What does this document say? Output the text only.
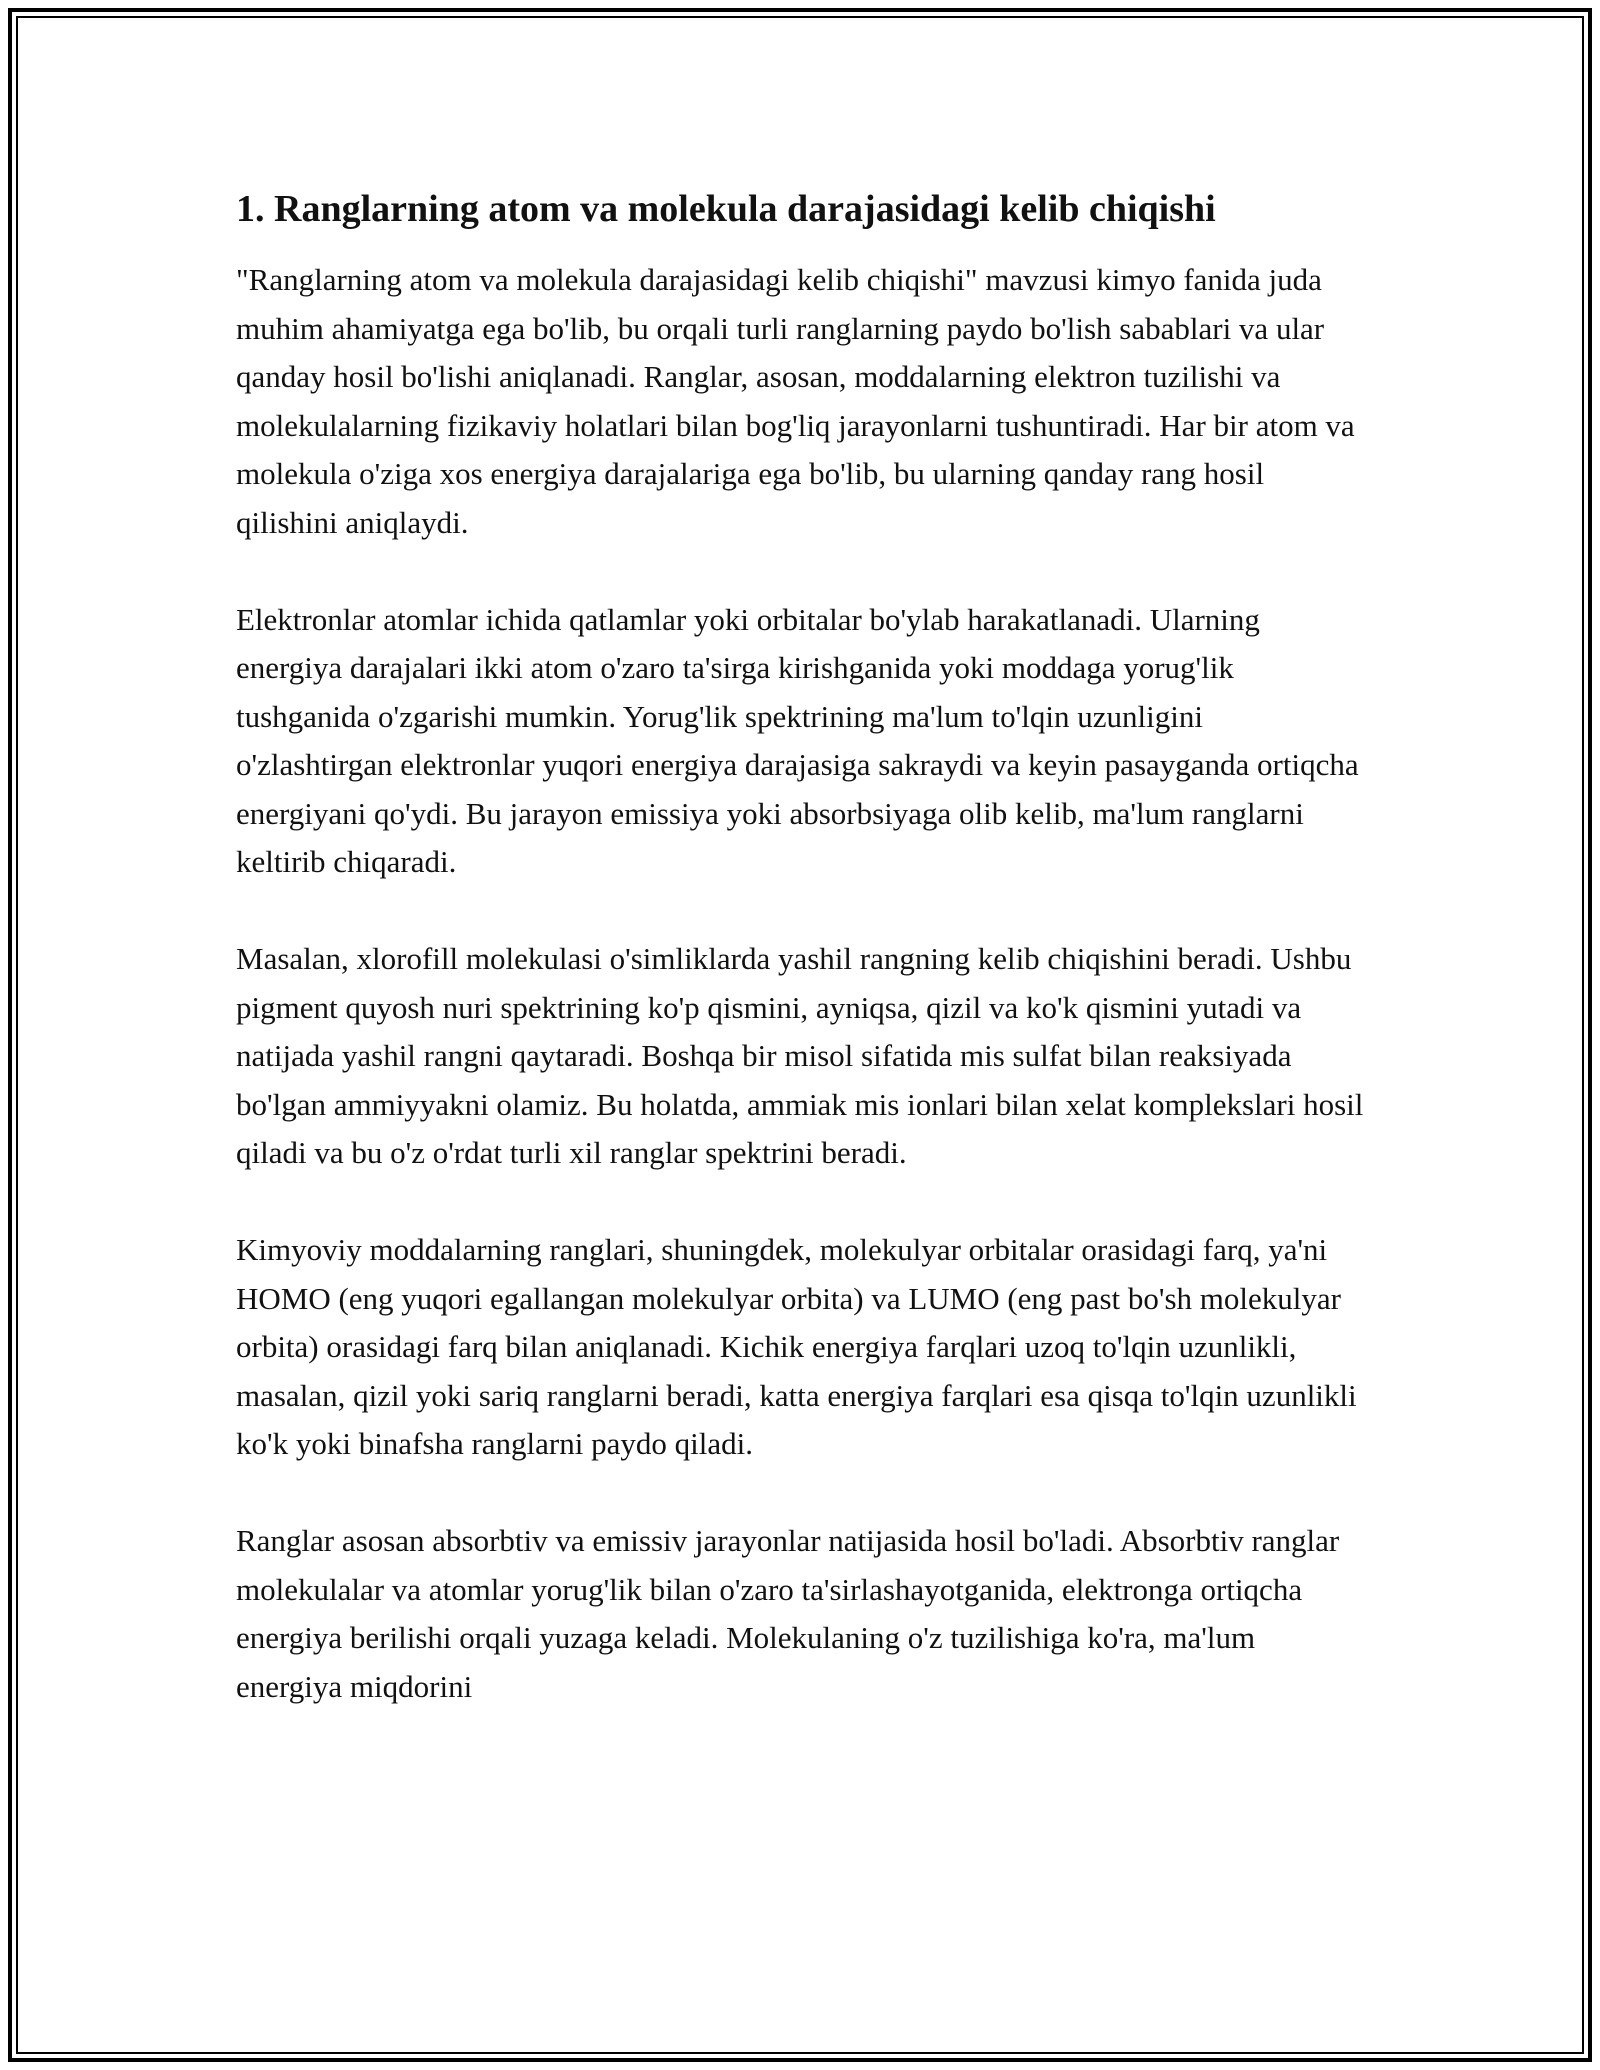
1. Ranglarning atom va molekula darajasidagi kelib chiqishi

"Ranglarning atom va molekula darajasidagi kelib chiqishi" mavzusi kimyo fanida juda muhim ahamiyatga ega bo'lib, bu orqali turli ranglarning paydo bo'lish sabablari va ular qanday hosil bo'lishi aniqlanadi. Ranglar, asosan, moddalarning elektron tuzilishi va molekulalarning fizikaviy holatlari bilan bog'liq jarayonlarni tushuntiradi. Har bir atom va molekula o'ziga xos energiya darajalariga ega bo'lib, bu ularning qanday rang hosil qilishini aniqlaydi.

Elektronlar atomlar ichida qatlamlar yoki orbitalar bo'ylab harakatlanadi. Ularning energiya darajalari ikki atom o'zaro ta'sirga kirishganida yoki moddaga yorug'lik tushganida o'zgarishi mumkin. Yorug'lik spektrining ma'lum to'lqin uzunligini o'zlashtirgan elektronlar yuqori energiya darajasiga sakraydi va keyin pasayganda ortiqcha energiyani qo'ydi. Bu jarayon emissiya yoki absorbsiyaga olib kelib, ma'lum ranglarni keltirib chiqaradi.

Masalan, xlorofill molekulasi o'simliklarda yashil rangning kelib chiqishini beradi. Ushbu pigment quyosh nuri spektrining ko'p qismini, ayniqsa, qizil va ko'k qismini yutadi va natijada yashil rangni qaytaradi. Boshqa bir misol sifatida mis sulfat bilan reaksiyada bo'lgan ammiyyakni olamiz. Bu holatda, ammiak mis ionlari bilan xelat komplekslari hosil qiladi va bu o'z o'rdat turli xil ranglar spektrini beradi.

Kimyoviy moddalarning ranglari, shuningdek, molekulyar orbitalar orasidagi farq, ya'ni HOMO (eng yuqori egallangan molekulyar orbita) va LUMO (eng past bo'sh molekulyar orbita) orasidagi farq bilan aniqlanadi. Kichik energiya farqlari uzoq to'lqin uzunlikli, masalan, qizil yoki sariq ranglarni beradi, katta energiya farqlari esa qisqa to'lqin uzunlikli ko'k yoki binafsha ranglarni paydo qiladi.

Ranglar asosan absorbtiv va emissiv jarayonlar natijasida hosil bo'ladi. Absorbtiv ranglar molekulalar va atomlar yorug'lik bilan o'zaro ta'sirlashayotganida, elektronga ortiqcha energiya berilishi orqali yuzaga keladi. Molekulaning o'z tuzilishiga ko'ra, ma'lum energiya miqdorini
